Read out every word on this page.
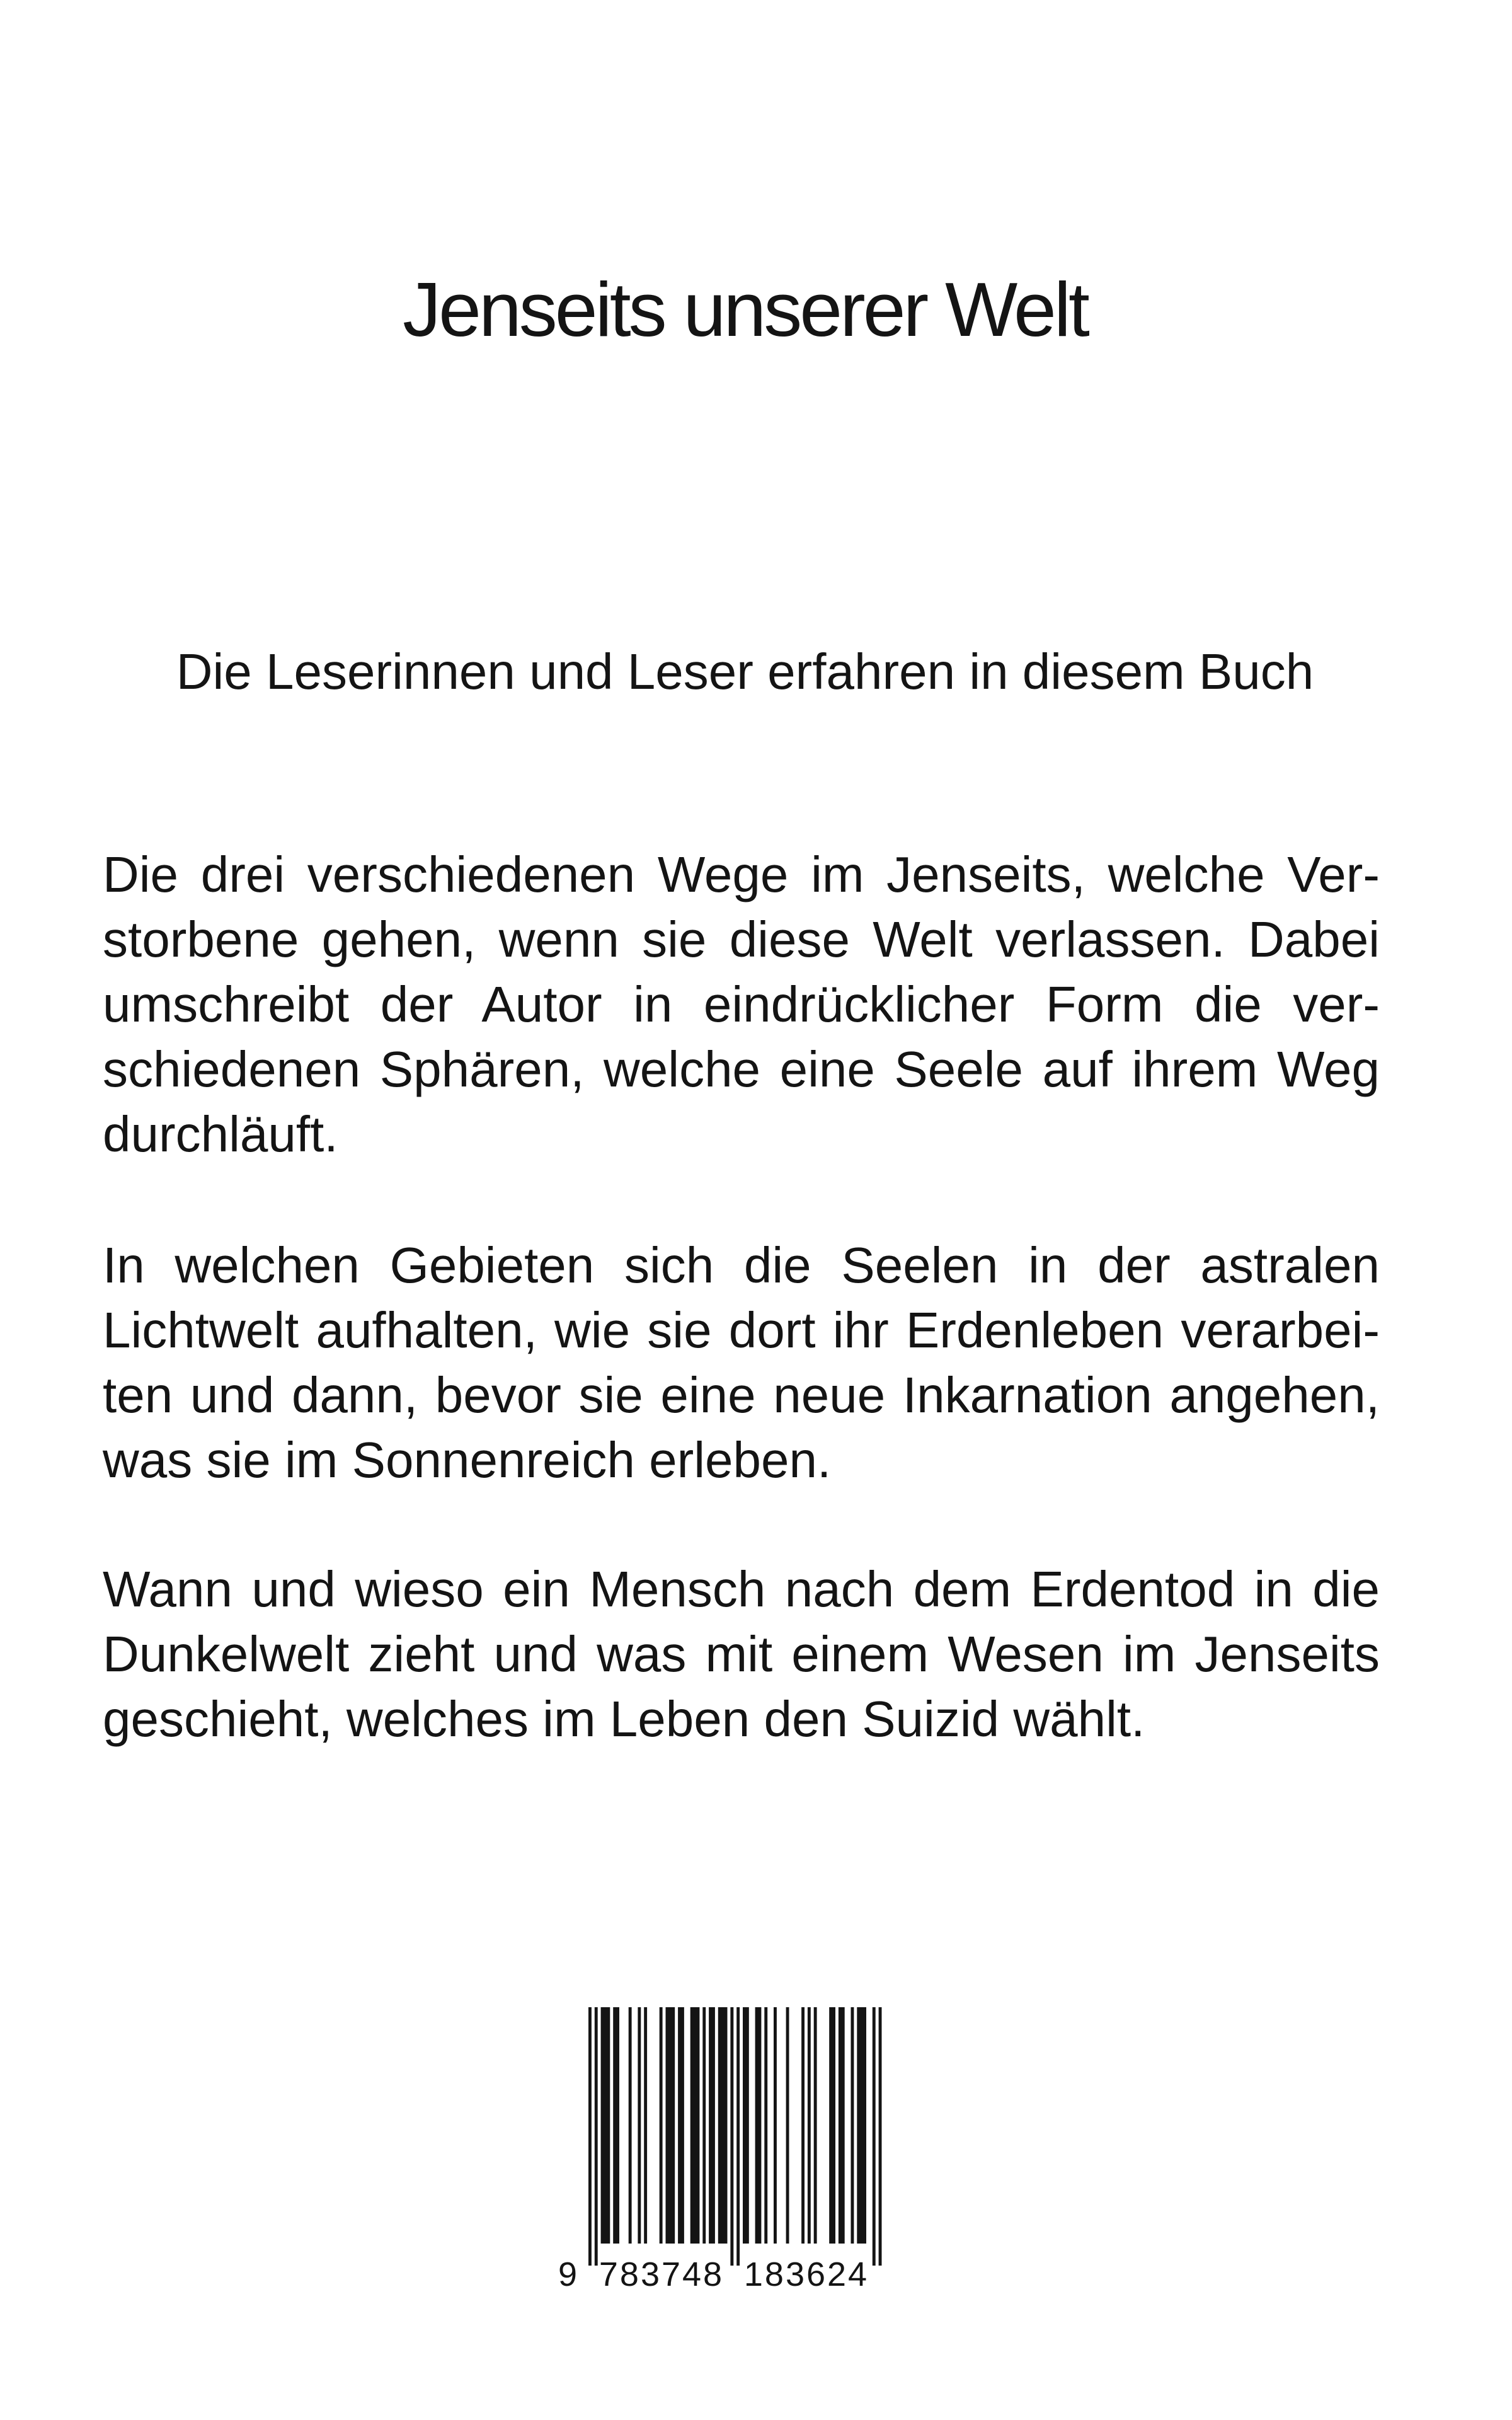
Jenseits unserer Welt

Die Leserinnen und Leser erfahren in diesem Buch

Die drei verschiedenen Wege im Jenseits, welche Verstorbene gehen, wenn sie diese Welt verlassen. Dabei umschreibt der Autor in eindrücklicher Form die verschiedenen Sphären, welche eine Seele auf ihrem Weg durchläuft.

In welchen Gebieten sich die Seelen in der astralen Lichtwelt aufhalten, wie sie dort ihr Erdenleben verarbeiten und dann, bevor sie eine neue Inkarnation angehen, was sie im Sonnenreich erleben.

Wann und wieso ein Mensch nach dem Erdentod in die Dunkelwelt zieht und was mit einem Wesen im Jenseits geschieht, welches im Leben den Suizid wählt.

9 783748 183624
